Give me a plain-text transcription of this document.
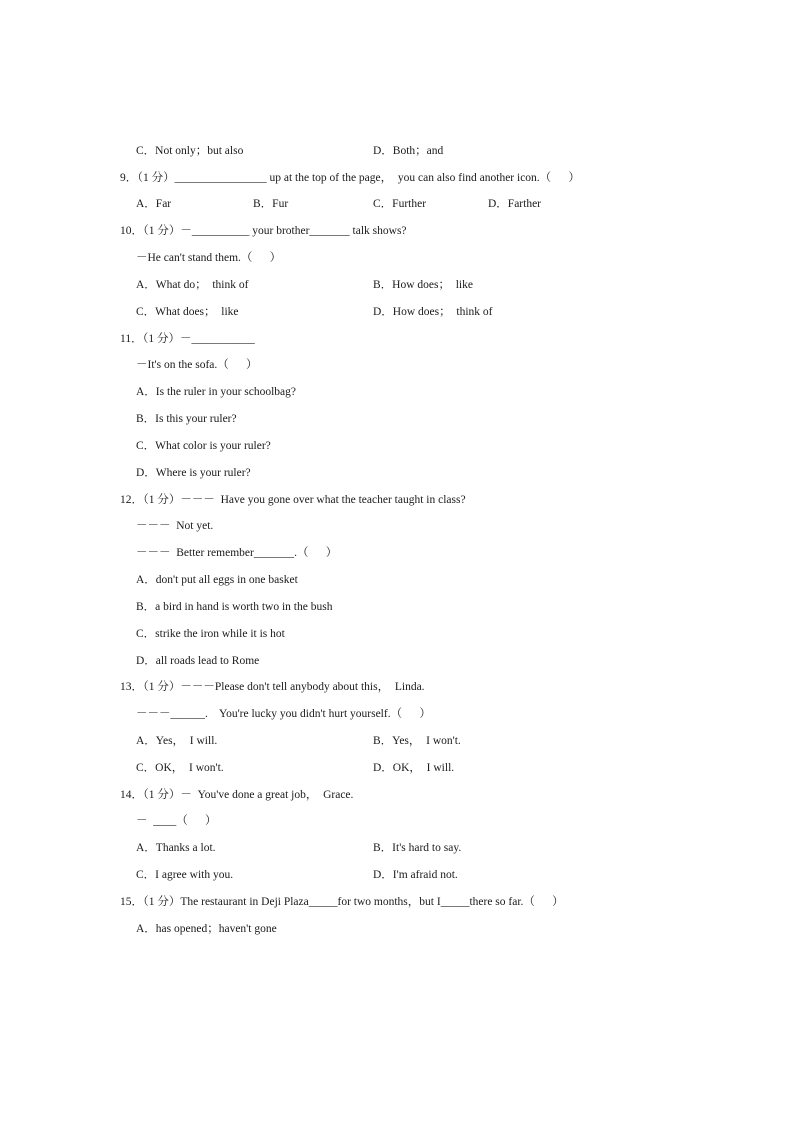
C．Not only；but also	D．Both；and
9．（1 分）________________ up at the top of the page，  you can also find another icon.（      ）
A．Far	B．Fur	C．Further	D．Farther
10．（1 分）－__________ your brother_______ talk shows?
－He can't stand them.（      ）
A．What do；  think of	B．How does；  like
C．What does；  like	D．How does；  think of
11．（1 分）－___________
－It's on the sofa.（      ）
A．Is the ruler in your schoolbag?
B．Is this your ruler?
C．What color is your ruler?
D．Where is your ruler?
12．（1 分）－－－  Have you gone over what the teacher taught in class?
－－－  Not yet.
－－－  Better remember_______.（      ）
A．don't put all eggs in one basket
B．a bird in hand is worth two in the bush
C．strike the iron while it is hot
D．all roads lead to Rome
13．（1 分）－－－Please don't tell anybody about this，  Linda.
－－－______.    You're lucky you didn't hurt yourself.（      ）
A．Yes，  I will.	B．Yes，  I won't.
C．OK，  I won't.	D．OK，  I will.
14．（1 分）－  You've done a great job，  Grace.
－  ____（      ）
A．Thanks a lot.	B．It's hard to say.
C．I agree with you.	D．I'm afraid not.
15．（1 分）The restaurant in Deji Plaza_____for two months，but I_____there so far.（      ）
A．has opened；haven't gone
